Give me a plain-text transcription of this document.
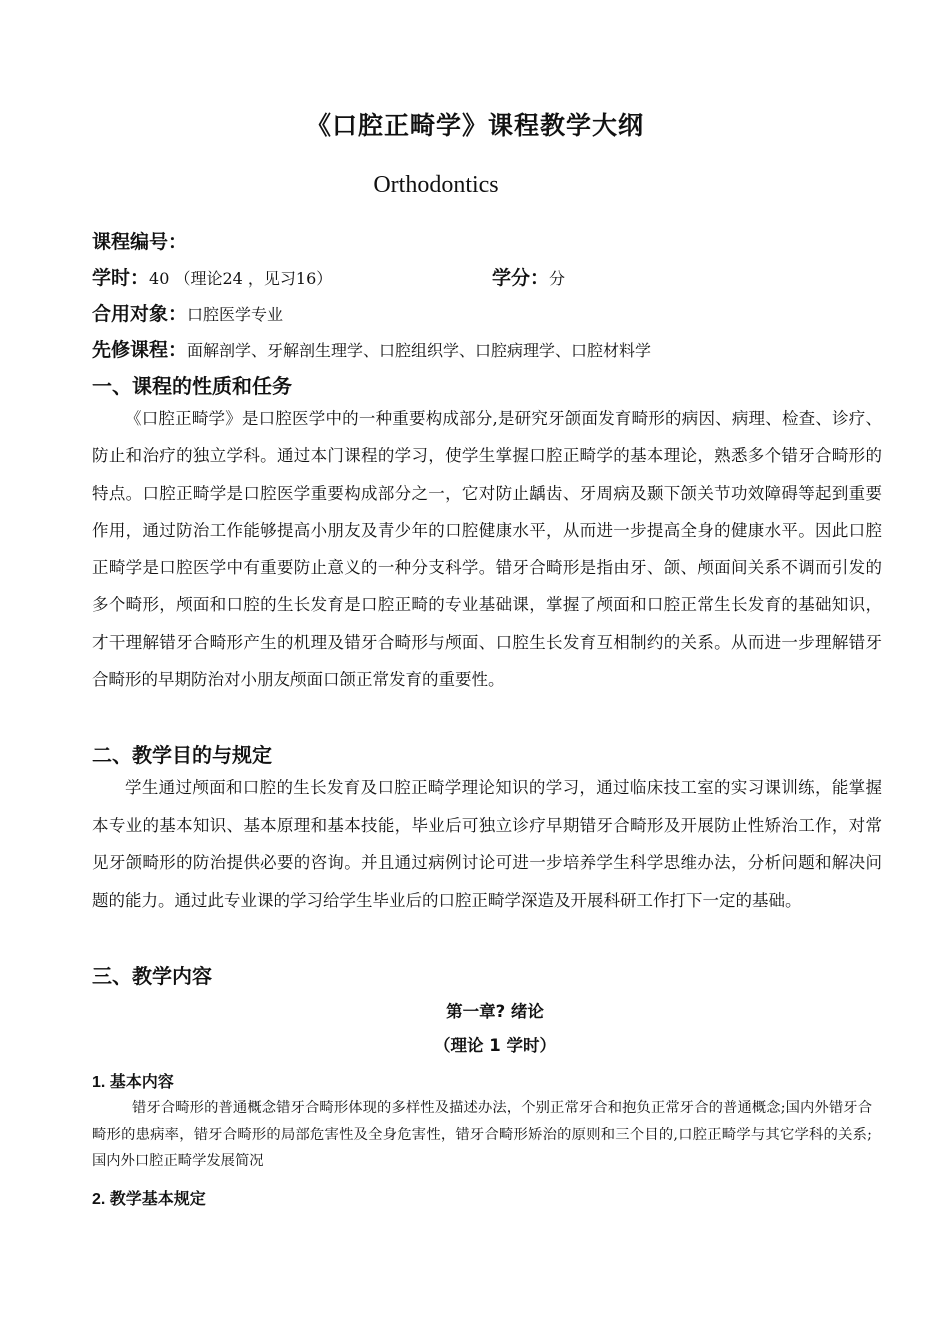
《口腔正畸学》课程教学大纲

Orthodontics

课程编号：
学时：40 （理论24 ，见习16）	学分：分
合用对象：口腔医学专业
先修课程：面解剖学、牙解剖生理学、口腔组织学、口腔病理学、口腔材料学
一、课程的性质和任务

《口腔正畸学》是口腔医学中的一种重要构成部分,是研究牙颌面发育畸形的病因、病理、检查、诊疗、防止和治疗的独立学科。通过本门课程的学习，使学生掌握口腔正畸学的基本理论，熟悉多个错牙合畸形的特点。口腔正畸学是口腔医学重要构成部分之一，它对防止龋齿、牙周病及颞下颌关节功效障碍等起到重要作用，通过防治工作能够提高小朋友及青少年的口腔健康水平，从而进一步提高全身的健康水平。因此口腔正畸学是口腔医学中有重要防止意义的一种分支科学。错牙合畸形是指由牙、颌、颅面间关系不调而引发的多个畸形，颅面和口腔的生长发育是口腔正畸的专业基础课，掌握了颅面和口腔正常生长发育的基础知识，才干理解错牙合畸形产生的机理及错牙合畸形与颅面、口腔生长发育互相制约的关系。从而进一步理解错牙合畸形的早期防治对小朋友颅面口颌正常发育的重要性。

二、教学目的与规定

学生通过颅面和口腔的生长发育及口腔正畸学理论知识的学习，通过临床技工室的实习课训练，能掌握本专业的基本知识、基本原理和基本技能，毕业后可独立诊疗早期错牙合畸形及开展防止性矫治工作，对常见牙颌畸形的防治提供必要的咨询。并且通过病例讨论可进一步培养学生科学思维办法，分析问题和解决问题的能力。通过此专业课的学习给学生毕业后的口腔正畸学深造及开展科研工作打下一定的基础。

三、教学内容

第一章? 绪论

（理论 1 学时）

1. 基本内容

错牙合畸形的普通概念错牙合畸形体现的多样性及描述办法，个别正常牙合和抱负正常牙合的普通概念;国内外错牙合畸形的患病率，错牙合畸形的局部危害性及全身危害性，错牙合畸形矫治的原则和三个目的,口腔正畸学与其它学科的关系;国内外口腔正畸学发展简况

2. 教学基本规定
